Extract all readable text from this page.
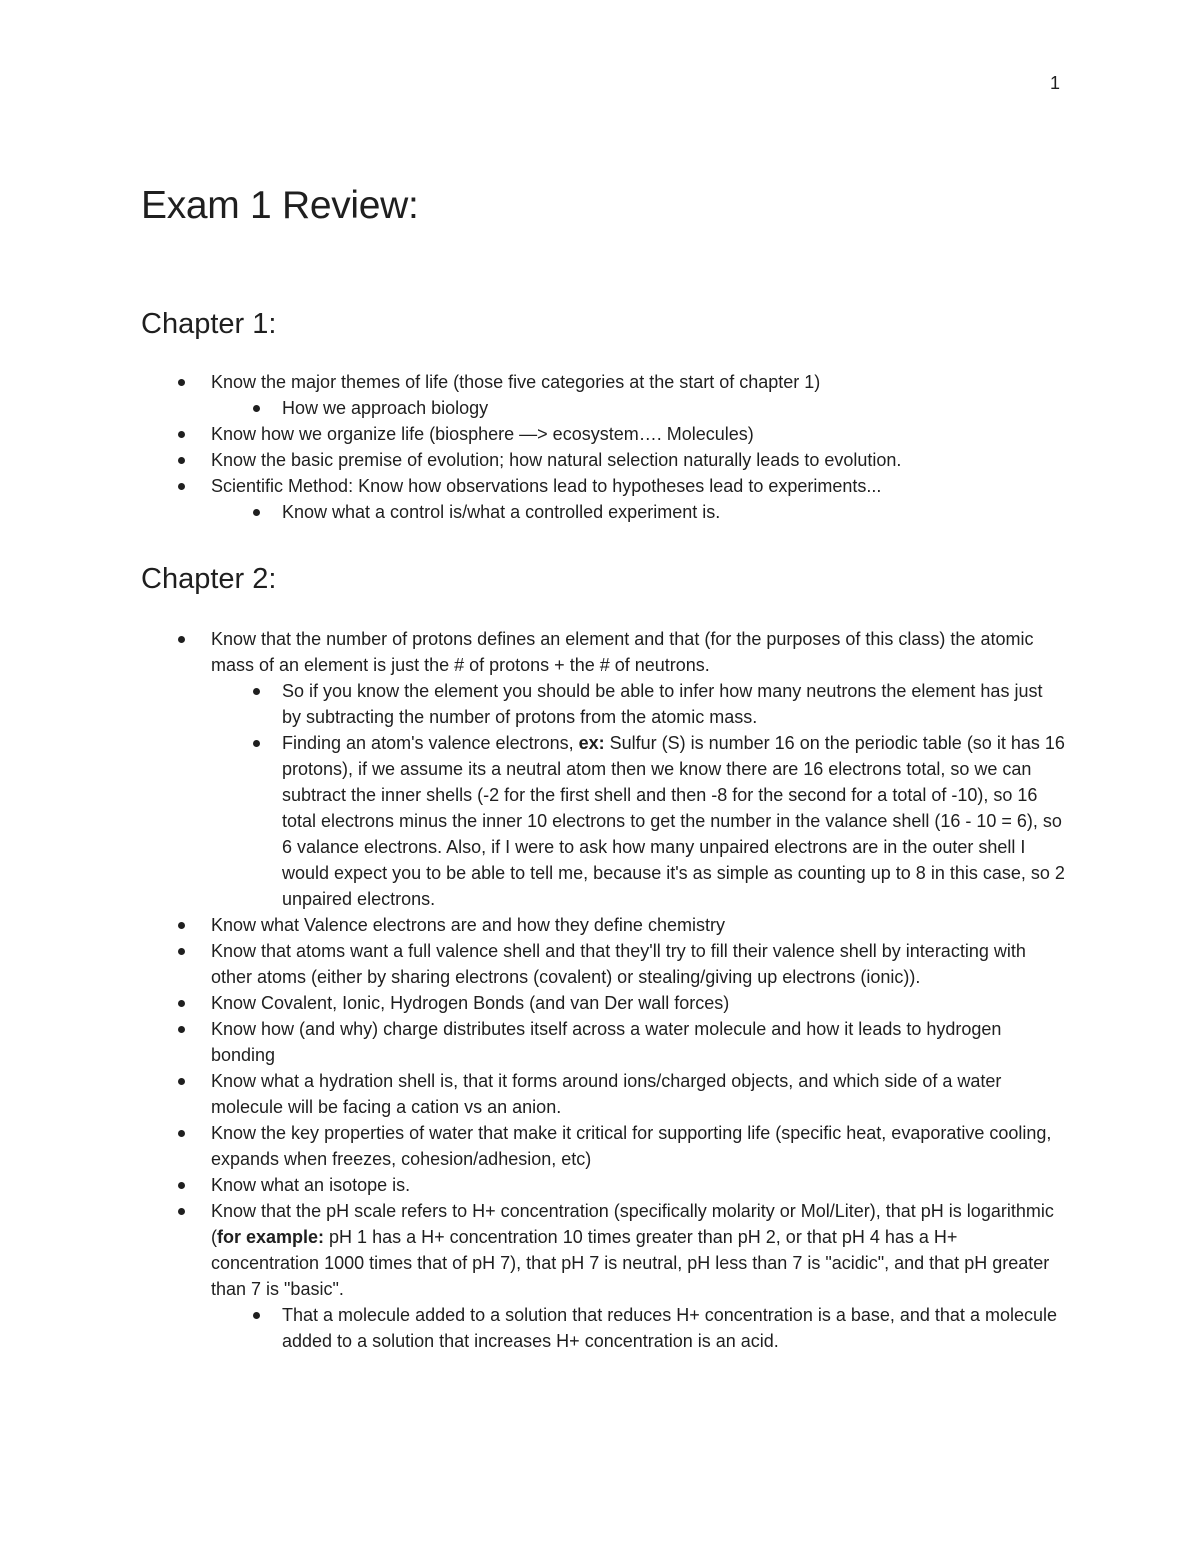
1
Exam 1 Review:
Chapter 1:
Know the major themes of life (those five categories at the start of chapter 1)
How we approach biology
Know how we organize life (biosphere —> ecosystem…. Molecules)
Know the basic premise of evolution; how natural selection naturally leads to evolution.
Scientific Method: Know how observations lead to hypotheses lead to experiments...
Know what a control is/what a controlled experiment is.
Chapter 2:
Know that the number of protons defines an element and that (for the purposes of this class) the atomic mass of an element is just the # of protons + the # of neutrons.
So if you know the element you should be able to infer how many neutrons the element has just by subtracting the number of protons from the atomic mass.
Finding an atom's valence electrons, ex: Sulfur (S) is number 16 on the periodic table (so it has 16 protons), if we assume its a neutral atom then we know there are 16 electrons total, so we can subtract the inner shells (-2 for the first shell and then -8 for the second for a total of -10), so 16 total electrons minus the inner 10 electrons to get the number in the valance shell (16 - 10 = 6), so 6 valance electrons. Also, if I were to ask how many unpaired electrons are in the outer shell I would expect you to be able to tell me, because it's as simple as counting up to 8 in this case, so 2 unpaired electrons.
Know what Valence electrons are and how they define chemistry
Know that atoms want a full valence shell and that they'll try to fill their valence shell by interacting with other atoms (either by sharing electrons (covalent) or stealing/giving up electrons (ionic)).
Know Covalent, Ionic, Hydrogen Bonds (and van Der wall forces)
Know how (and why) charge distributes itself across a water molecule and how it leads to hydrogen bonding
Know what a hydration shell is, that it forms around ions/charged objects, and which side of a water molecule will be facing a cation vs an anion.
Know the key properties of water that make it critical for supporting life (specific heat, evaporative cooling, expands when freezes, cohesion/adhesion, etc)
Know what an isotope is.
Know that the pH scale refers to H+ concentration (specifically molarity or Mol/Liter), that pH is logarithmic (for example: pH 1 has a H+ concentration 10 times greater than pH 2, or that pH 4 has a H+ concentration 1000 times that of pH 7), that pH 7 is neutral, pH less than 7 is "acidic", and that pH greater than 7 is "basic".
That a molecule added to a solution that reduces H+ concentration is a base, and that a molecule added to a solution that increases H+ concentration is an acid.
